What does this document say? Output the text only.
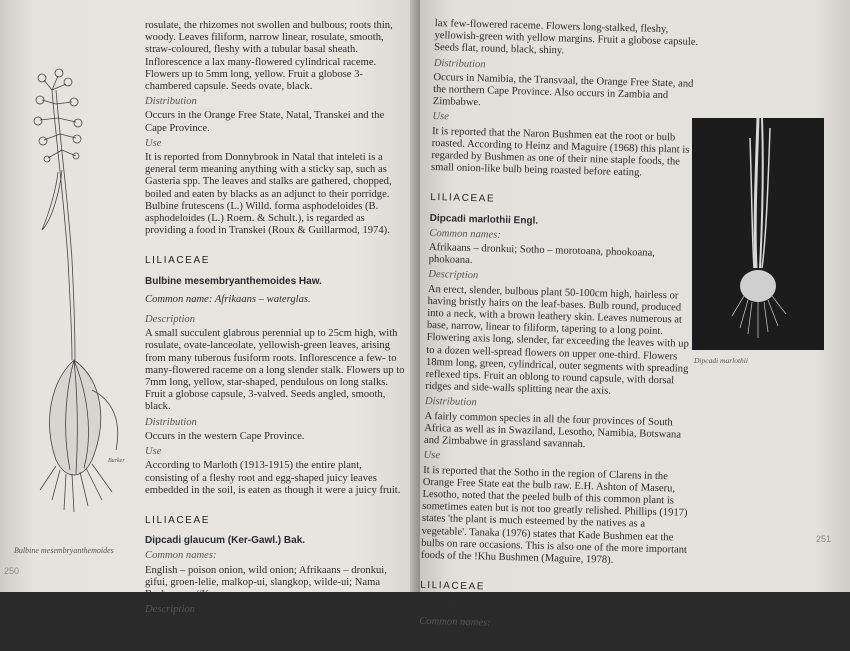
Burker
Bulbine mesembryanthemoides

rosulate, the rhizomes not swollen and bulbous; roots thin, woody. Leaves filiform, narrow linear, rosulate, smooth, straw-coloured, fleshy with a tubular basal sheath. Inflorescence a lax many-flowered cylindrical raceme. Flowers up to 5mm long, yellow. Fruit a globose 3-chambered capsule. Seeds ovate, black.

Distribution

Occurs in the Orange Free State, Natal, Transkei and the Cape Province.

Use

It is reported from Donnybrook in Natal that inteleti is a general term meaning anything with a sticky sap, such as Gasteria spp. The leaves and stalks are gathered, chopped, boiled and eaten by blacks as an adjunct to their porridge. Bulbine frutescens (L.) Willd. forma asphodeloides (B. asphodeloides (L.) Roem. & Schult.), is regarded as providing a food in Transkei (Roux & Guillarmod, 1974).

LILIACEAE

Bulbine mesembryanthemoides Haw.

Common name: Afrikaans – waterglas.

Description

A small succulent glabrous perennial up to 25cm high, with rosulate, ovate-lanceolate, yellowish-green leaves, arising from many tuberous fusiform roots. Inflorescence a few- to many-flowered raceme on a long slender stalk. Flowers up to 7mm long, yellow, star-shaped, pendulous on long stalks. Fruit a globose capsule, 3-valved. Seeds angled, smooth, black.

Distribution

Occurs in the western Cape Province.

Use

According to Marloth (1913-1915) the entire plant, consisting of a fleshy root and egg-shaped juicy leaves embedded in the soil, is eaten as though it were a juicy fruit.

LILIACEAE

Dipcadi glaucum (Ker-Gawl.) Bak.

Common names:

English – poison onion, wild onion; Afrikaans – dronkui, gifui, groen-lelie, malkop-ui, slangkop, wilde-ui; Nama Bushman – //Ka.

Description

An erect geophyte, with firm ovoid bulbs. Leaves 6-9 in a rosette, smooth, shiny, narrowly lanceolate. Inflorescence a

250

lax few-flowered raceme. Flowers long-stalked, fleshy, yellowish-green with yellow margins. Fruit a globose capsule. Seeds flat, round, black, shiny.

Distribution

Occurs in Namibia, the Transvaal, the Orange Free State, and the northern Cape Province. Also occurs in Zambia and Zimbabwe.

Use

It is reported that the Naron Bushmen eat the root or bulb roasted. According to Heinz and Maguire (1968) this plant is regarded by Bushmen as one of their nine staple foods, the small onion-like bulb being roasted before eating.

LILIACEAE

Dipcadi marlothii Engl.

Common names:

Afrikaans – dronkui; Sotho – morotoana, phookoana, phokoana.

Description

An erect, slender, bulbous plant 50-100cm high, hairless or having bristly hairs on the leaf-bases. Bulb round, produced into a neck, with a brown leathery skin. Leaves numerous at base, narrow, linear to filiform, tapering to a long point. Flowering axis long, slender, far exceeding the leaves with up to a dozen well-spread flowers on upper one-third. Flowers 18mm long, green, cylindrical, outer segments with spreading reflexed tips. Fruit an oblong to round capsule, with dorsal ridges and side-walls splitting near the axis.

Distribution

A fairly common species in all the four provinces of South Africa as well as in Swaziland, Lesotho, Namibia, Botswana and Zimbabwe in grassland savannah.

Use

It is reported that the Sotho in the region of Clarens in the Orange Free State eat the bulb raw. E.H. Ashton of Maseru, Lesotho, noted that the peeled bulb of this common plant is sometimes eaten but is not too greatly relished. Phillips (1917) states 'the plant is much esteemed by the natives as a vegetable'. Tanaka (1976) states that Kade Bushmen eat the bulbs on rare occasions. This is also one of the more important foods of the !Khu Bushmen (Maguire, 1978).

LILIACEAE

Dipcadi viride (L.) Moench

Common names:

Afrikaans – gifbolletjie, skaamblommetjie, slymuintjie;

Dipcadi marlothii
251
